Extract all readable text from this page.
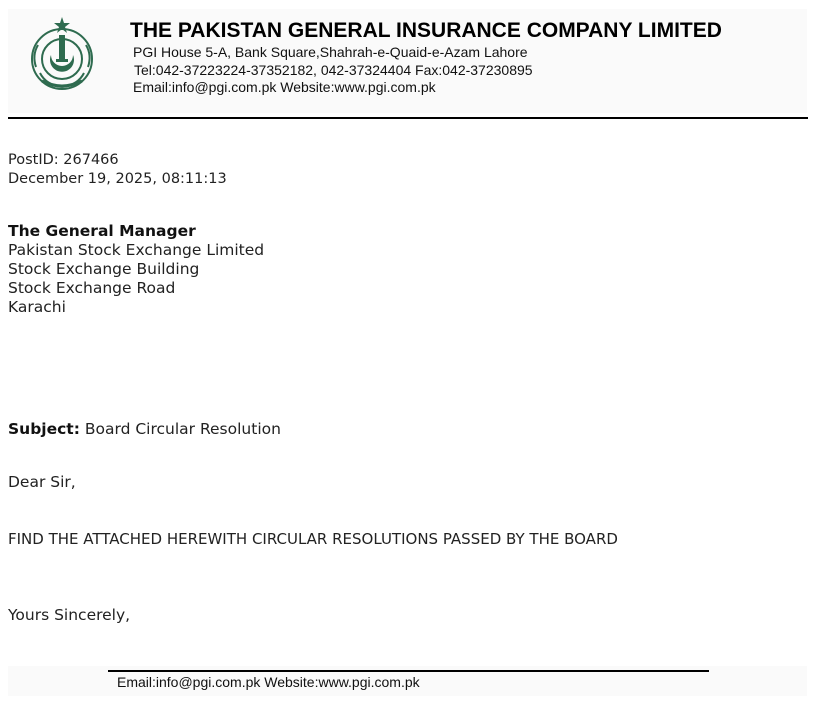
THE PAKISTAN GENERAL INSURANCE COMPANY LIMITED
PGI House 5-A, Bank Square,Shahrah-e-Quaid-e-Azam Lahore
Tel:042-37223224-37352182, 042-37324404 Fax:042-37230895
Email:info@pgi.com.pk Website:www.pgi.com.pk
PostID: 267466
December 19, 2025, 08:11:13
The General Manager
Pakistan Stock Exchange Limited
Stock Exchange Building
Stock Exchange Road
Karachi
Subject: Board Circular Resolution
Dear Sir,
FIND THE ATTACHED HEREWITH CIRCULAR RESOLUTIONS PASSED BY THE BOARD
Yours Sincerely,
Email:info@pgi.com.pk Website:www.pgi.com.pk
